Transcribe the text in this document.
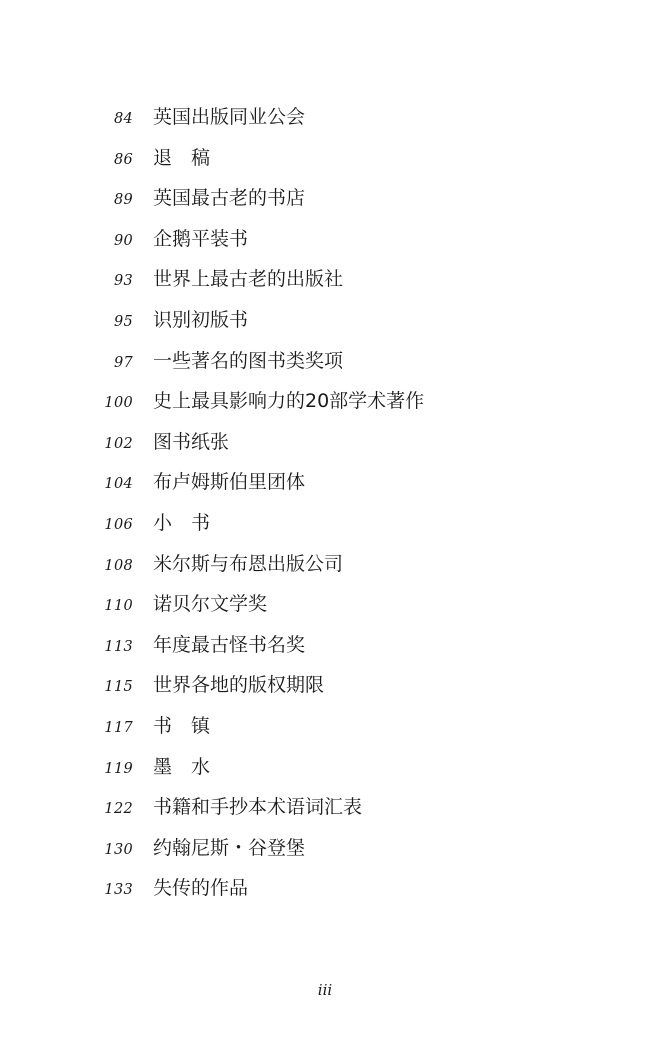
84 英国出版同业公会
86 退　稿
89 英国最古老的书店
90 企鹅平装书
93 世界上最古老的出版社
95 识别初版书
97 一些著名的图书类奖项
100 史上最具影响力的20部学术著作
102 图书纸张
104 布卢姆斯伯里团体
106 小　书
108 米尔斯与布恩出版公司
110 诺贝尔文学奖
113 年度最古怪书名奖
115 世界各地的版权期限
117 书　镇
119 墨　水
122 书籍和手抄本术语词汇表
130 约翰尼斯・谷登堡
133 失传的作品
iii
